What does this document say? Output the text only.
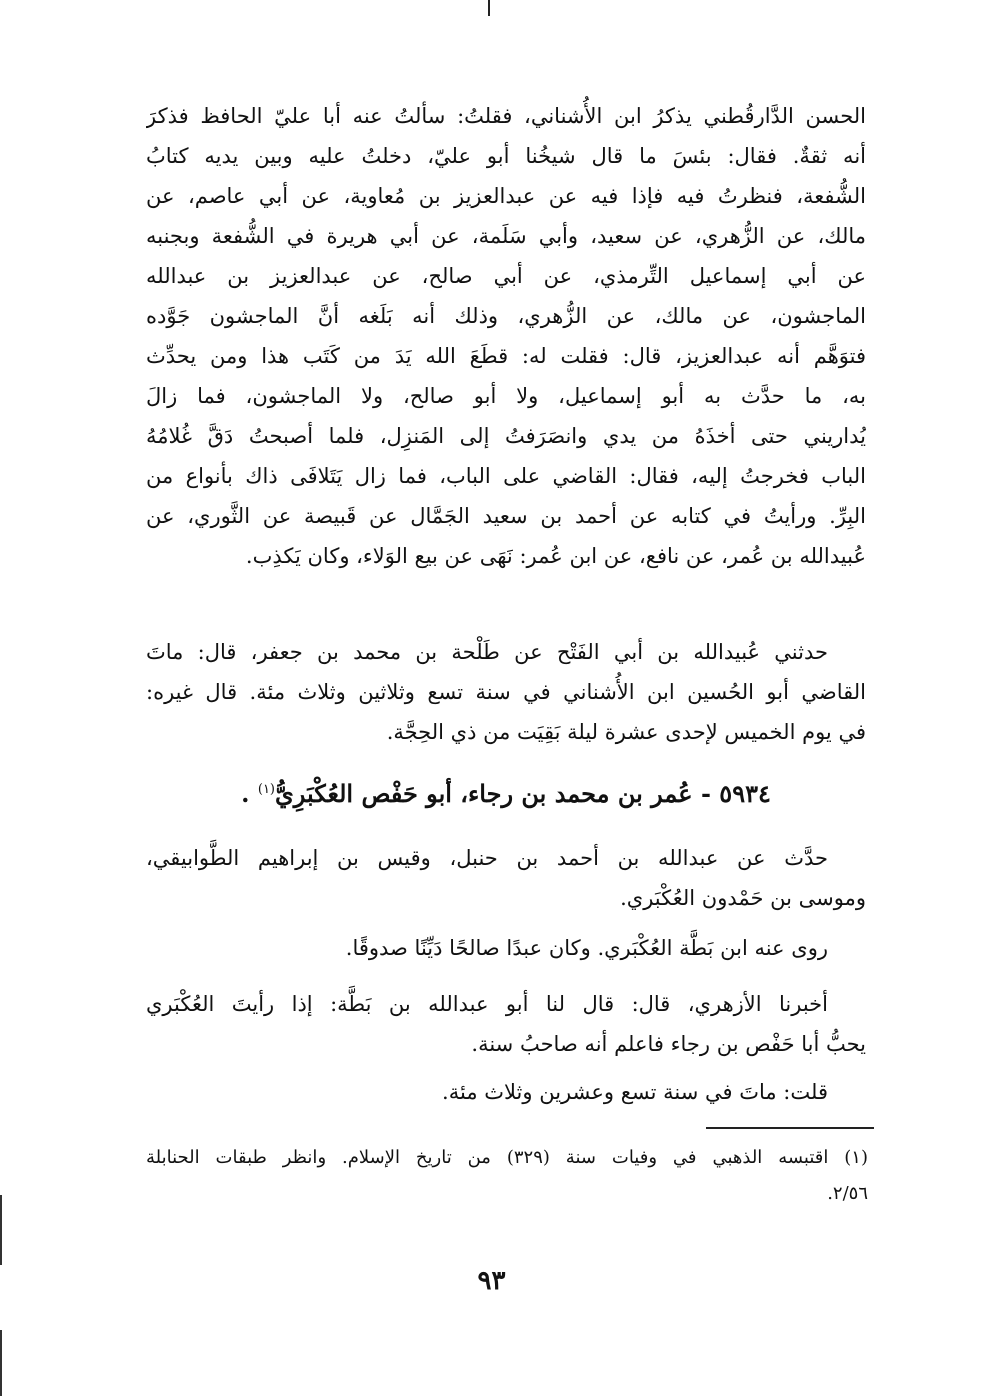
الحسن الدَّارقُطني يذكرُ ابن الأُشناني، فقلتُ: سألتُ عنه أبا عليّ الحافظ فذكرَ
أنه ثقةٌ. فقال: بئسَ ما قال شيخُنا أبو عليّ، دخلتُ عليه وبين يديه كتابُ
الشُّفعة، فنظرتُ فيه فإذا فيه عن عبدالعزيز بن مُعاوية، عن أبي عاصم، عن
مالك، عن الزُّهري، عن سعيد، وأبي سَلَمة، عن أبي هريرة في الشُّفعة وبجنبه
عن أبي إسماعيل التِّرمذي، عن أبي صالح، عن عبدالعزيز بن عبدالله
الماجشون، عن مالك، عن الزُّهري، وذلك أنه بَلَغه أنَّ الماجشون جَوَّده
فتوَهَّم أنه عبدالعزيز، قال: فقلت له: قطَعَ الله يَدَ من كَتَب هذا ومن يحدِّث
به، ما حدَّث به أبو إسماعيل، ولا أبو صالح، ولا الماجشون، فما زالَ
يُداريني حتى أخذَهُ من يدي وانصَرَفتُ إلى المَنزِل، فلما أصبحتُ دَقَّ غُلامُهُ
الباب فخرجتُ إليه، فقال: القاضي على الباب، فما زال يَتَلافَى ذاك بأنواع من
البِرِّ. ورأيتُ في كتابه عن أحمد بن سعيد الجَمَّال عن قَبيصة عن الثَّوري، عن
عُبيدالله بن عُمر، عن نافع، عن ابن عُمر: نَهَى عن بيع الوَلاء، وكان يَكذِب.
حدثني عُبيدالله بن أبي الفَتْح عن طَلْحة بن محمد بن جعفر، قال: ماتَ
القاضي أبو الحُسين ابن الأُشناني في سنة تسع وثلاثين وثلاث مئة. قال غيره:
في يوم الخميس لإحدى عشرة ليلة بَقِيَت من ذي الحِجَّة.
٥٩٣٤ - عُمر بن محمد بن رجاء، أبو حَفْص العُكْبَرِيُّ$^{(١)}$ .
حدَّث عن عبدالله بن أحمد بن حنبل، وقيس بن إبراهيم الطَّوابيقي،
وموسى بن حَمْدون العُكْبَري.
روى عنه ابن بَطَّة العُكْبَري. وكان عبدًا صالحًا دَيِّنًا صدوقًا.
أخبرنا الأزهري، قال: قال لنا أبو عبدالله بن بَطَّة: إذا رأيتَ العُكْبَري
يحبُّ أبا حَفْص بن رجاء فاعلم أنه صاحبُ سنة.
قلت: ماتَ في سنة تسع وعشرين وثلاث مئة.
(١) اقتبسه الذهبي في وفيات سنة (٣٢٩) من تاريخ الإسلام. وانظر طبقات الحنابلة
٢/٥٦.
٩٣
